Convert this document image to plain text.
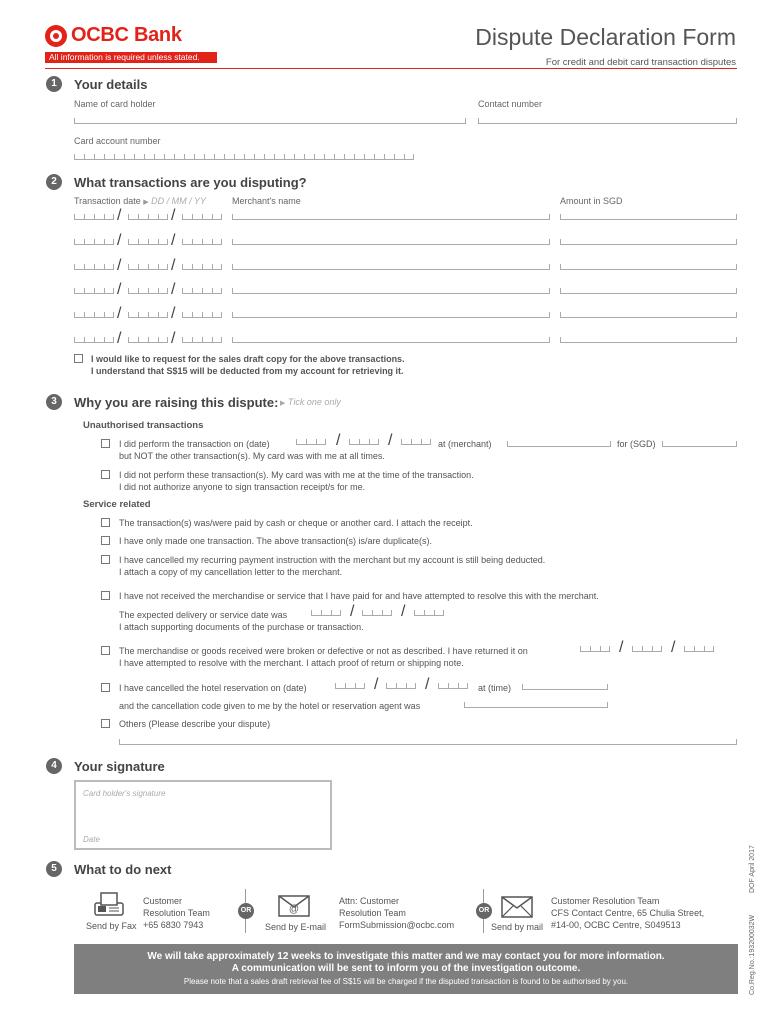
OCBC Bank	Dispute Declaration Form
All information is required unless stated.	For credit and debit card transaction disputes
1	Your details
Name of card holder	Contact number
Card account number
2	What transactions are you disputing?
Transaction date ▶ DD / MM / YY	Merchant's name	Amount in SGD
/	/
/	/
/	/
/	/
/	/
/	/
I would like to request for the sales draft copy for the above transactions.
I understand that S$15 will be deducted from my account for retrieving it.
3	Why you are raising this dispute: ▶ Tick one only
Unauthorised transactions
I did perform the transaction on (date)	/	/	at (merchant)	for (SGD)
but NOT the other transaction(s). My card was with me at all times.
I did not perform these transaction(s). My card was with me at the time of the transaction.
I did not authorize anyone to sign transaction receipt/s for me.
Service related
The transaction(s) was/were paid by cash or cheque or another card. I attach the receipt.
I have only made one transaction. The above transaction(s) is/are duplicate(s).
I have cancelled my recurring payment instruction with the merchant but my account is still being deducted.
I attach a copy of my cancellation letter to the merchant.
I have not received the merchandise or service that I have paid for and have attempted to resolve this with the merchant.
The expected delivery or service date was	/	/
I attach supporting documents of the purchase or transaction.
The merchandise or goods received were broken or defective or not as described. I have returned it on	/	/
I have attempted to resolve with the merchant. I attach proof of return or shipping note.
I have cancelled the hotel reservation on (date)	/	/	at (time)
and the cancellation code given to me by the hotel or reservation agent was
Others (Please describe your dispute)
4	Your signature
Card holder's signature
Date
5	What to do next
Send by Fax
Customer
Resolution Team
+65 6830 7943
OR	@
Send by E-mail
Attn: Customer
Resolution Team
FormSubmission@ocbc.com
OR
Send by mail
Customer Resolution Team
CFS Contact Centre, 65 Chulia Street,
#14-00, OCBC Centre, S049513
We will take approximately 12 weeks to investigate this matter and we may contact you for more information.
A communication will be sent to inform you of the investigation outcome.
Please note that a sales draft retrieval fee of S$15 will be charged if the disputed transaction is found to be authorised by you.	Co.Reg.No.:193200032W
DOF April 2017
